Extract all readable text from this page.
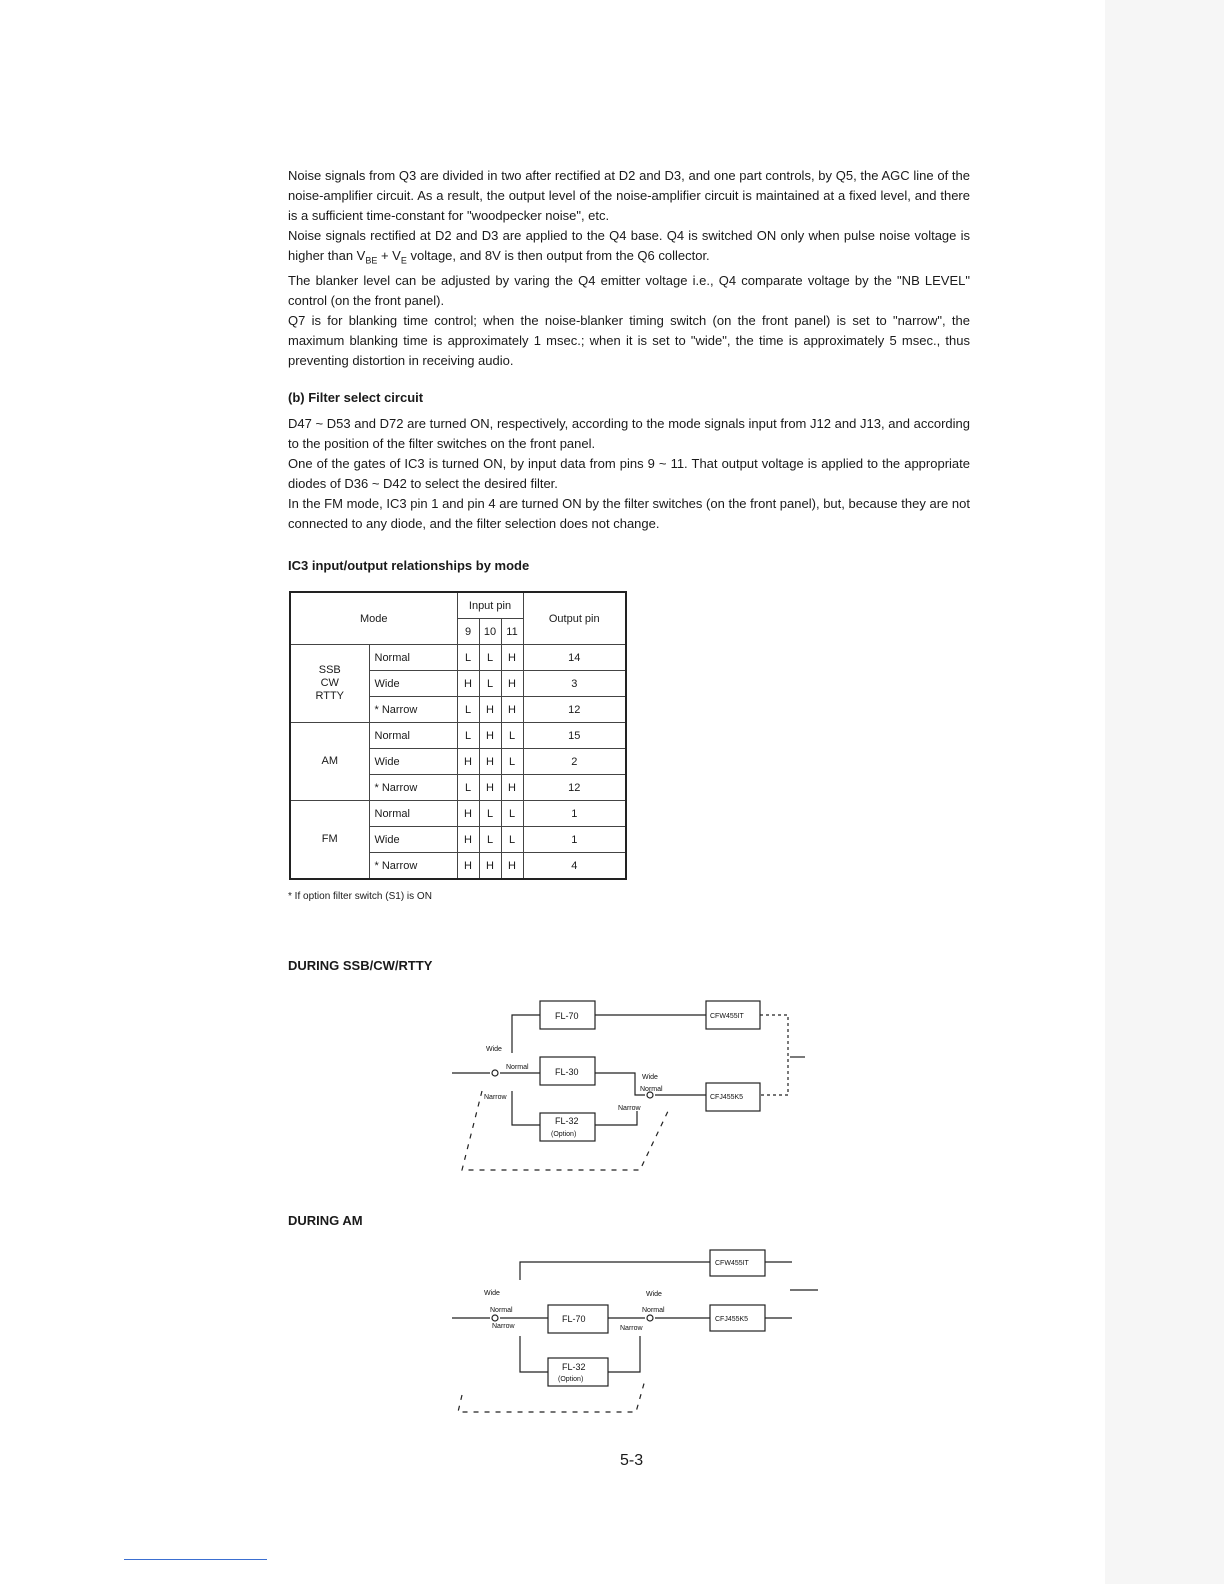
Noise signals from Q3 are divided in two after rectified at D2 and D3, and one part controls, by Q5, the AGC line of the noise-amplifier circuit. As a result, the output level of the noise-amplifier circuit is maintained at a fixed level, and there is a sufficient time-constant for "woodpecker noise", etc.

Noise signals rectified at D2 and D3 are applied to the Q4 base. Q4 is switched ON only when pulse noise voltage is higher than $V_{BE} + V_E$ voltage, and 8V is then output from the Q6 collector.

The blanker level can be adjusted by varing the Q4 emitter voltage i.e., Q4 comparate voltage by the "NB LEVEL" control (on the front panel).

Q7 is for blanking time control; when the noise-blanker timing switch (on the front panel) is set to "narrow", the maximum blanking time is approximately 1 msec.; when it is set to "wide", the time is approximately 5 msec., thus preventing distortion in receiving audio.

(b) Filter select circuit

D47 ~ D53 and D72 are turned ON, respectively, according to the mode signals input from J12 and J13, and according to the position of the filter switches on the front panel.

One of the gates of IC3 is turned ON, by input data from pins 9 ~ 11. That output voltage is applied to the appropriate diodes of D36 ~ D42 to select the desired filter.

In the FM mode, IC3 pin 1 and pin 4 are turned ON by the filter switches (on the front panel), but, because they are not connected to any diode, and the filter selection does not change.

IC3 input/output relationships by mode
Mode		Input pin			Output pin
		9	10	11	
SSB
CW
RTTY	Normal	L	L	H	14
	Wide	H	L	H	3
	* Narrow	L	H	H	12
AM	Normal	L	H	L	15
	Wide	H	H	L	2
	* Narrow	L	H	H	12
FM	Normal	H	L	L	1
	Wide	H	L	L	1
	* Narrow	H	H	H	4
* If option filter switch (S1) is ON
DURING SSB/CW/RTTY
FL-70
FL-30
FL-32
(Option)
CFW455IT
CFJ455K5
Wide
Normal
Narrow
Wide
Normal
Narrow
DURING AM
FL-70
FL-32
(Option)
CFW455IT
CFJ455K5
Wide
Normal
Narrow
Wide
Normal
Narrow
5-3
